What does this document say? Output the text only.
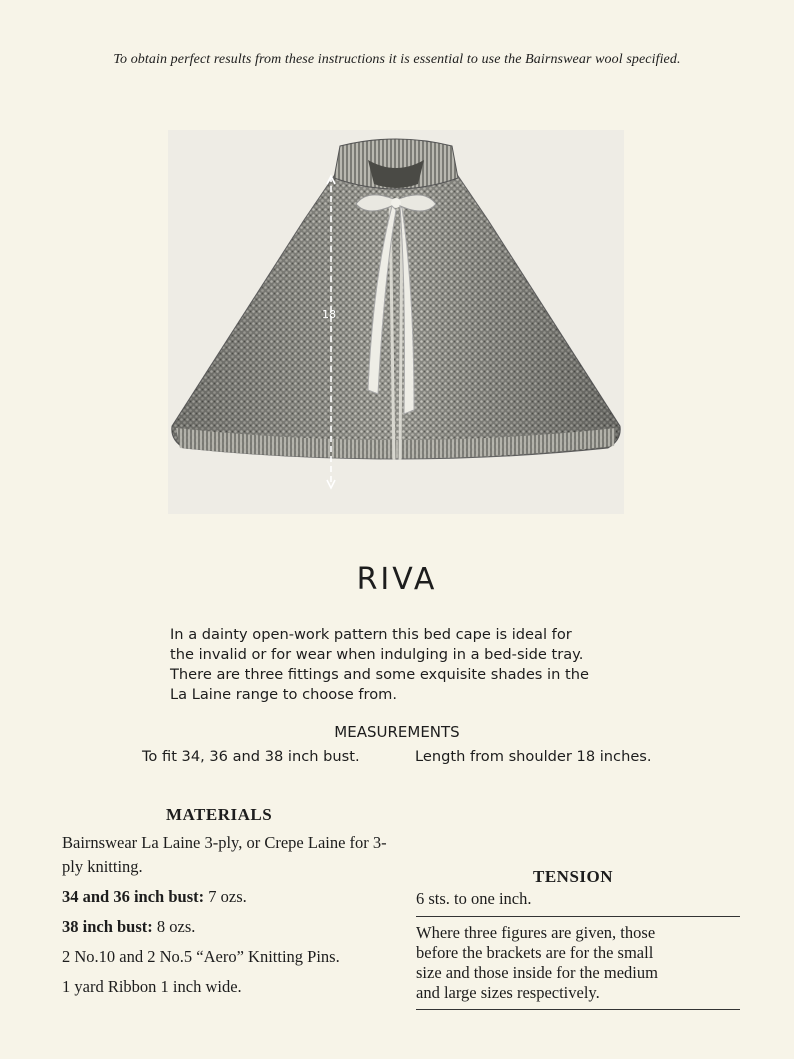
To obtain perfect results from these instructions it is essential to use the Bairnswear wool specified.
18
RIVA
In a dainty open-work pattern this bed cape is ideal for
the invalid or for wear when indulging in a bed-side tray.
There are three fittings and some exquisite shades in the
La Laine range to choose from.
MEASUREMENTS
To fit 34, 36 and 38 inch bust.	Length from shoulder 18 inches.
MATERIALS

Bairnswear La Laine 3-ply, or Crepe Laine for 3-ply knitting.

34 and 36 inch bust: 7 ozs.

38 inch bust: 8 ozs.

2 No.10 and 2 No.5 “Aero” Knitting Pins.

1 yard Ribbon 1 inch wide.

TENSION
6 sts. to one inch.
Where three figures are given, those
before the brackets are for the small
size and those inside for the medium
and large sizes respectively.
